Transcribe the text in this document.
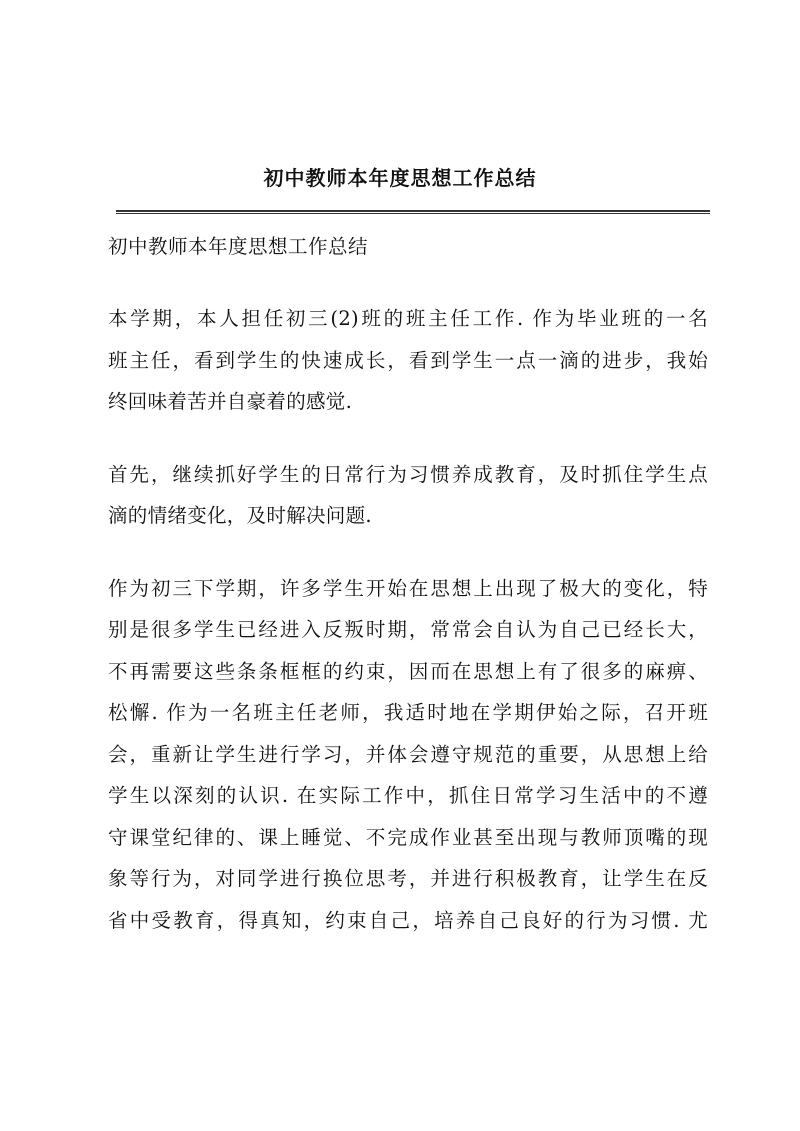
初中教师本年度思想工作总结
初中教师本年度思想工作总结
本学期，本人担任初三(2)班的班主任工作. 作为毕业班的一名
班主任，看到学生的快速成长，看到学生一点一滴的进步，我始
终回味着苦并自豪着的感觉.
首先，继续抓好学生的日常行为习惯养成教育，及时抓住学生点
滴的情绪变化，及时解决问题.
作为初三下学期，许多学生开始在思想上出现了极大的变化，特
别是很多学生已经进入反叛时期，常常会自认为自己已经长大，
不再需要这些条条框框的约束，因而在思想上有了很多的麻痹、
松懈. 作为一名班主任老师，我适时地在学期伊始之际，召开班
会，重新让学生进行学习，并体会遵守规范的重要，从思想上给
学生以深刻的认识. 在实际工作中，抓住日常学习生活中的不遵
守课堂纪律的、课上睡觉、不完成作业甚至出现与教师顶嘴的现
象等行为，对同学进行换位思考，并进行积极教育，让学生在反
省中受教育，得真知，约束自己，培养自己良好的行为习惯. 尤
